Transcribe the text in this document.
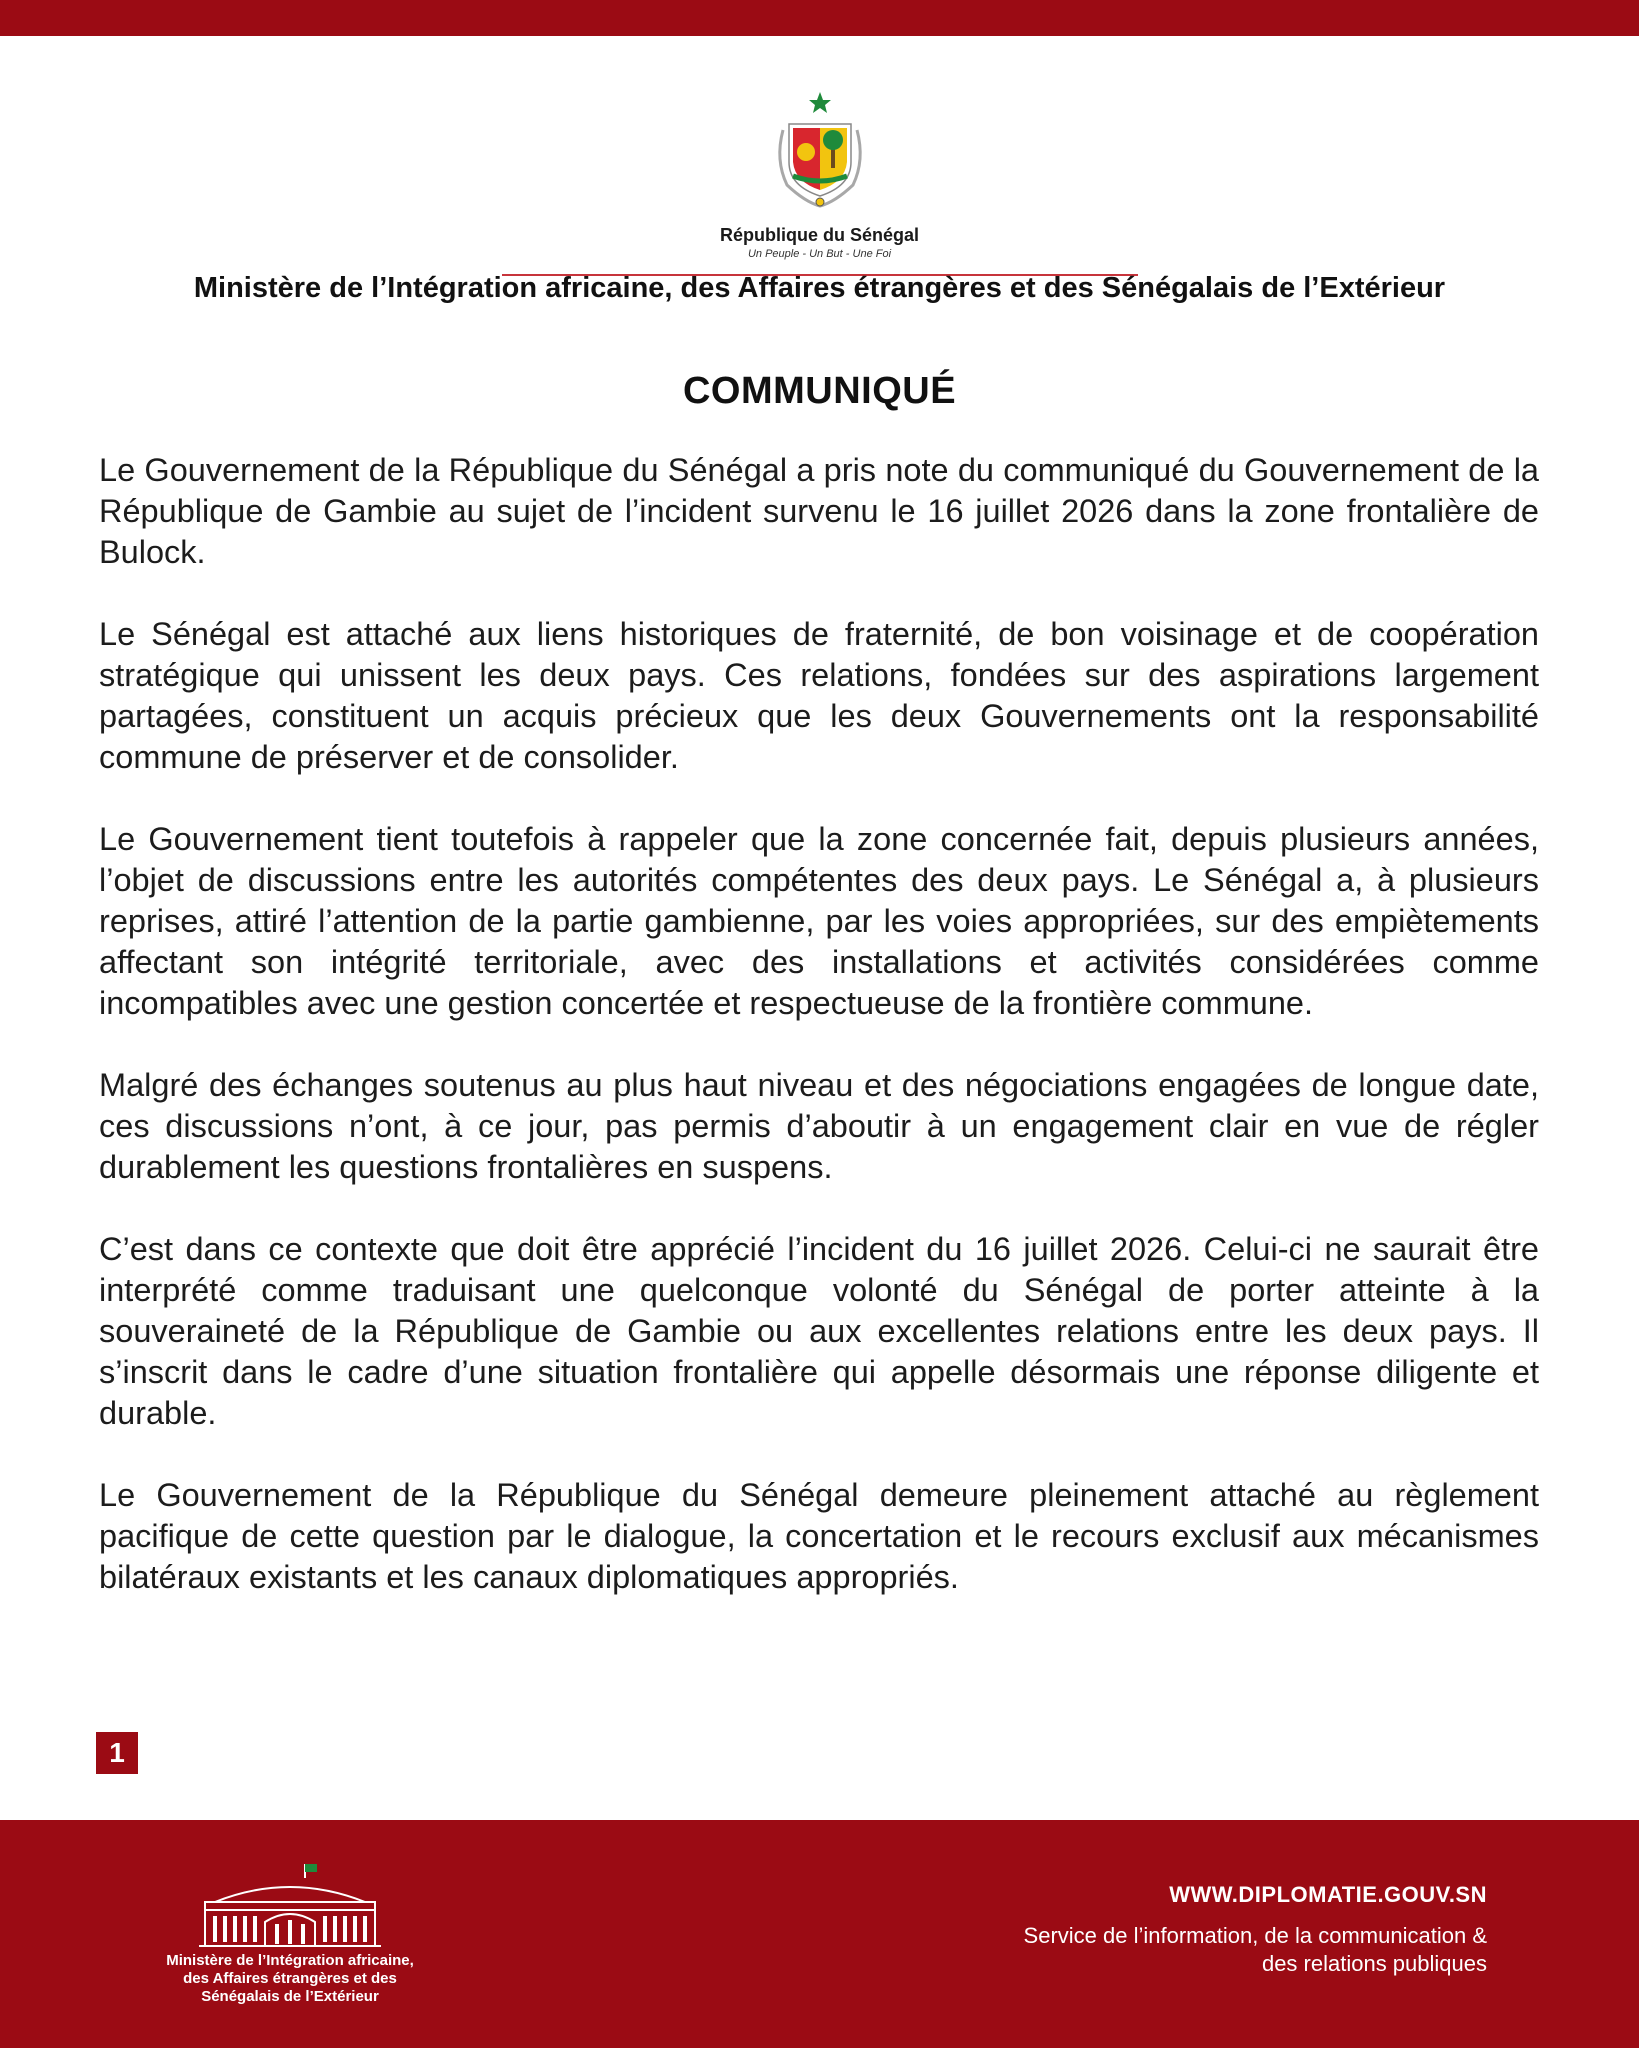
République du Sénégal
Un Peuple - Un But - Une Foi
Ministère de l’Intégration africaine, des Affaires étrangères et des Sénégalais de l’Extérieur
COMMUNIQUÉ

Le Gouvernement de la République du Sénégal a pris note du communiqué du Gouvernement de la République de Gambie au sujet de l’incident survenu le 16 juillet 2026 dans la zone frontalière de Bulock.

Le Sénégal est attaché aux liens historiques de fraternité, de bon voisinage et de coopération stratégique qui unissent les deux pays. Ces relations, fondées sur des aspirations largement partagées, constituent un acquis précieux que les deux Gouvernements ont la responsabilité commune de préserver et de consolider.

Le Gouvernement tient toutefois à rappeler que la zone concernée fait, depuis plusieurs années, l’objet de discussions entre les autorités compétentes des deux pays. Le Sénégal a, à plusieurs reprises, attiré l’attention de la partie gambienne, par les voies appropriées, sur des empiètements affectant son intégrité territoriale, avec des installations et activités considérées comme incompatibles avec une gestion concertée et respectueuse de la frontière commune.

Malgré des échanges soutenus au plus haut niveau et des négociations engagées de longue date, ces discussions n’ont, à ce jour, pas permis d’aboutir à un engagement clair en vue de régler durablement les questions frontalières en suspens.

C’est dans ce contexte que doit être apprécié l’incident du 16 juillet 2026. Celui-ci ne saurait être interprété comme traduisant une quelconque volonté du Sénégal de porter atteinte à la souveraineté de la République de Gambie ou aux excellentes relations entre les deux pays. Il s’inscrit dans le cadre d’une situation frontalière qui appelle désormais une réponse diligente et durable.

Le Gouvernement de la République du Sénégal demeure pleinement attaché au règlement pacifique de cette question par le dialogue, la concertation et le recours exclusif aux mécanismes bilatéraux existants et les canaux diplomatiques appropriés.

1
Ministère de l’Intégration africaine,
des Affaires étrangères et des
Sénégalais de l’Extérieur
WWW.DIPLOMATIE.GOUV.SN
Service de l’information, de la communication &
des relations publiques
